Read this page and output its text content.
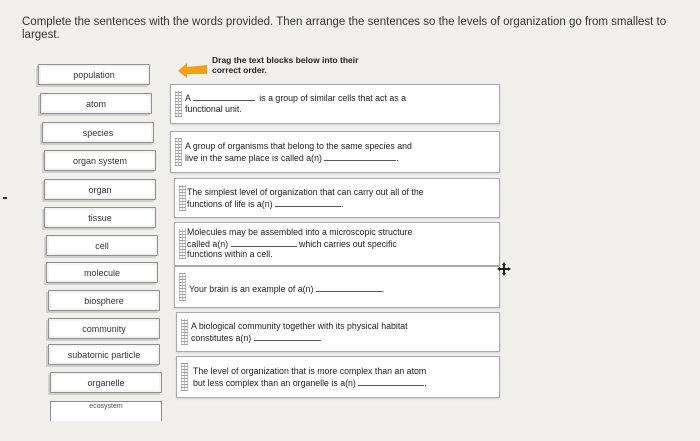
Complete the sentences with the words provided. Then arrange the sentences so the levels of organization go from smallest to largest.
population
atom
species
organ system
organ
tissue
cell
molecule
biosphere
community
subatomic particle
organelle
ecosystem
Drag the text blocks below into their correct order.
A	is a group of similar cells that act as a
functional unit.
A group of organisms that belong to the same species and
live in the same place is called a(n)	.
The simplest level of organization that can carry out all of the
functions of life is a(n)	.
Molecules may be assembled into a microscopic structure
called a(n)	which carries out specific
functions within a cell.
Your brain is an example of a(n)	.
A biological community together with its physical habitat
constitutes a(n)	.
The level of organization that is more complex than an atom
but less complex than an organelle is a(n)	.
